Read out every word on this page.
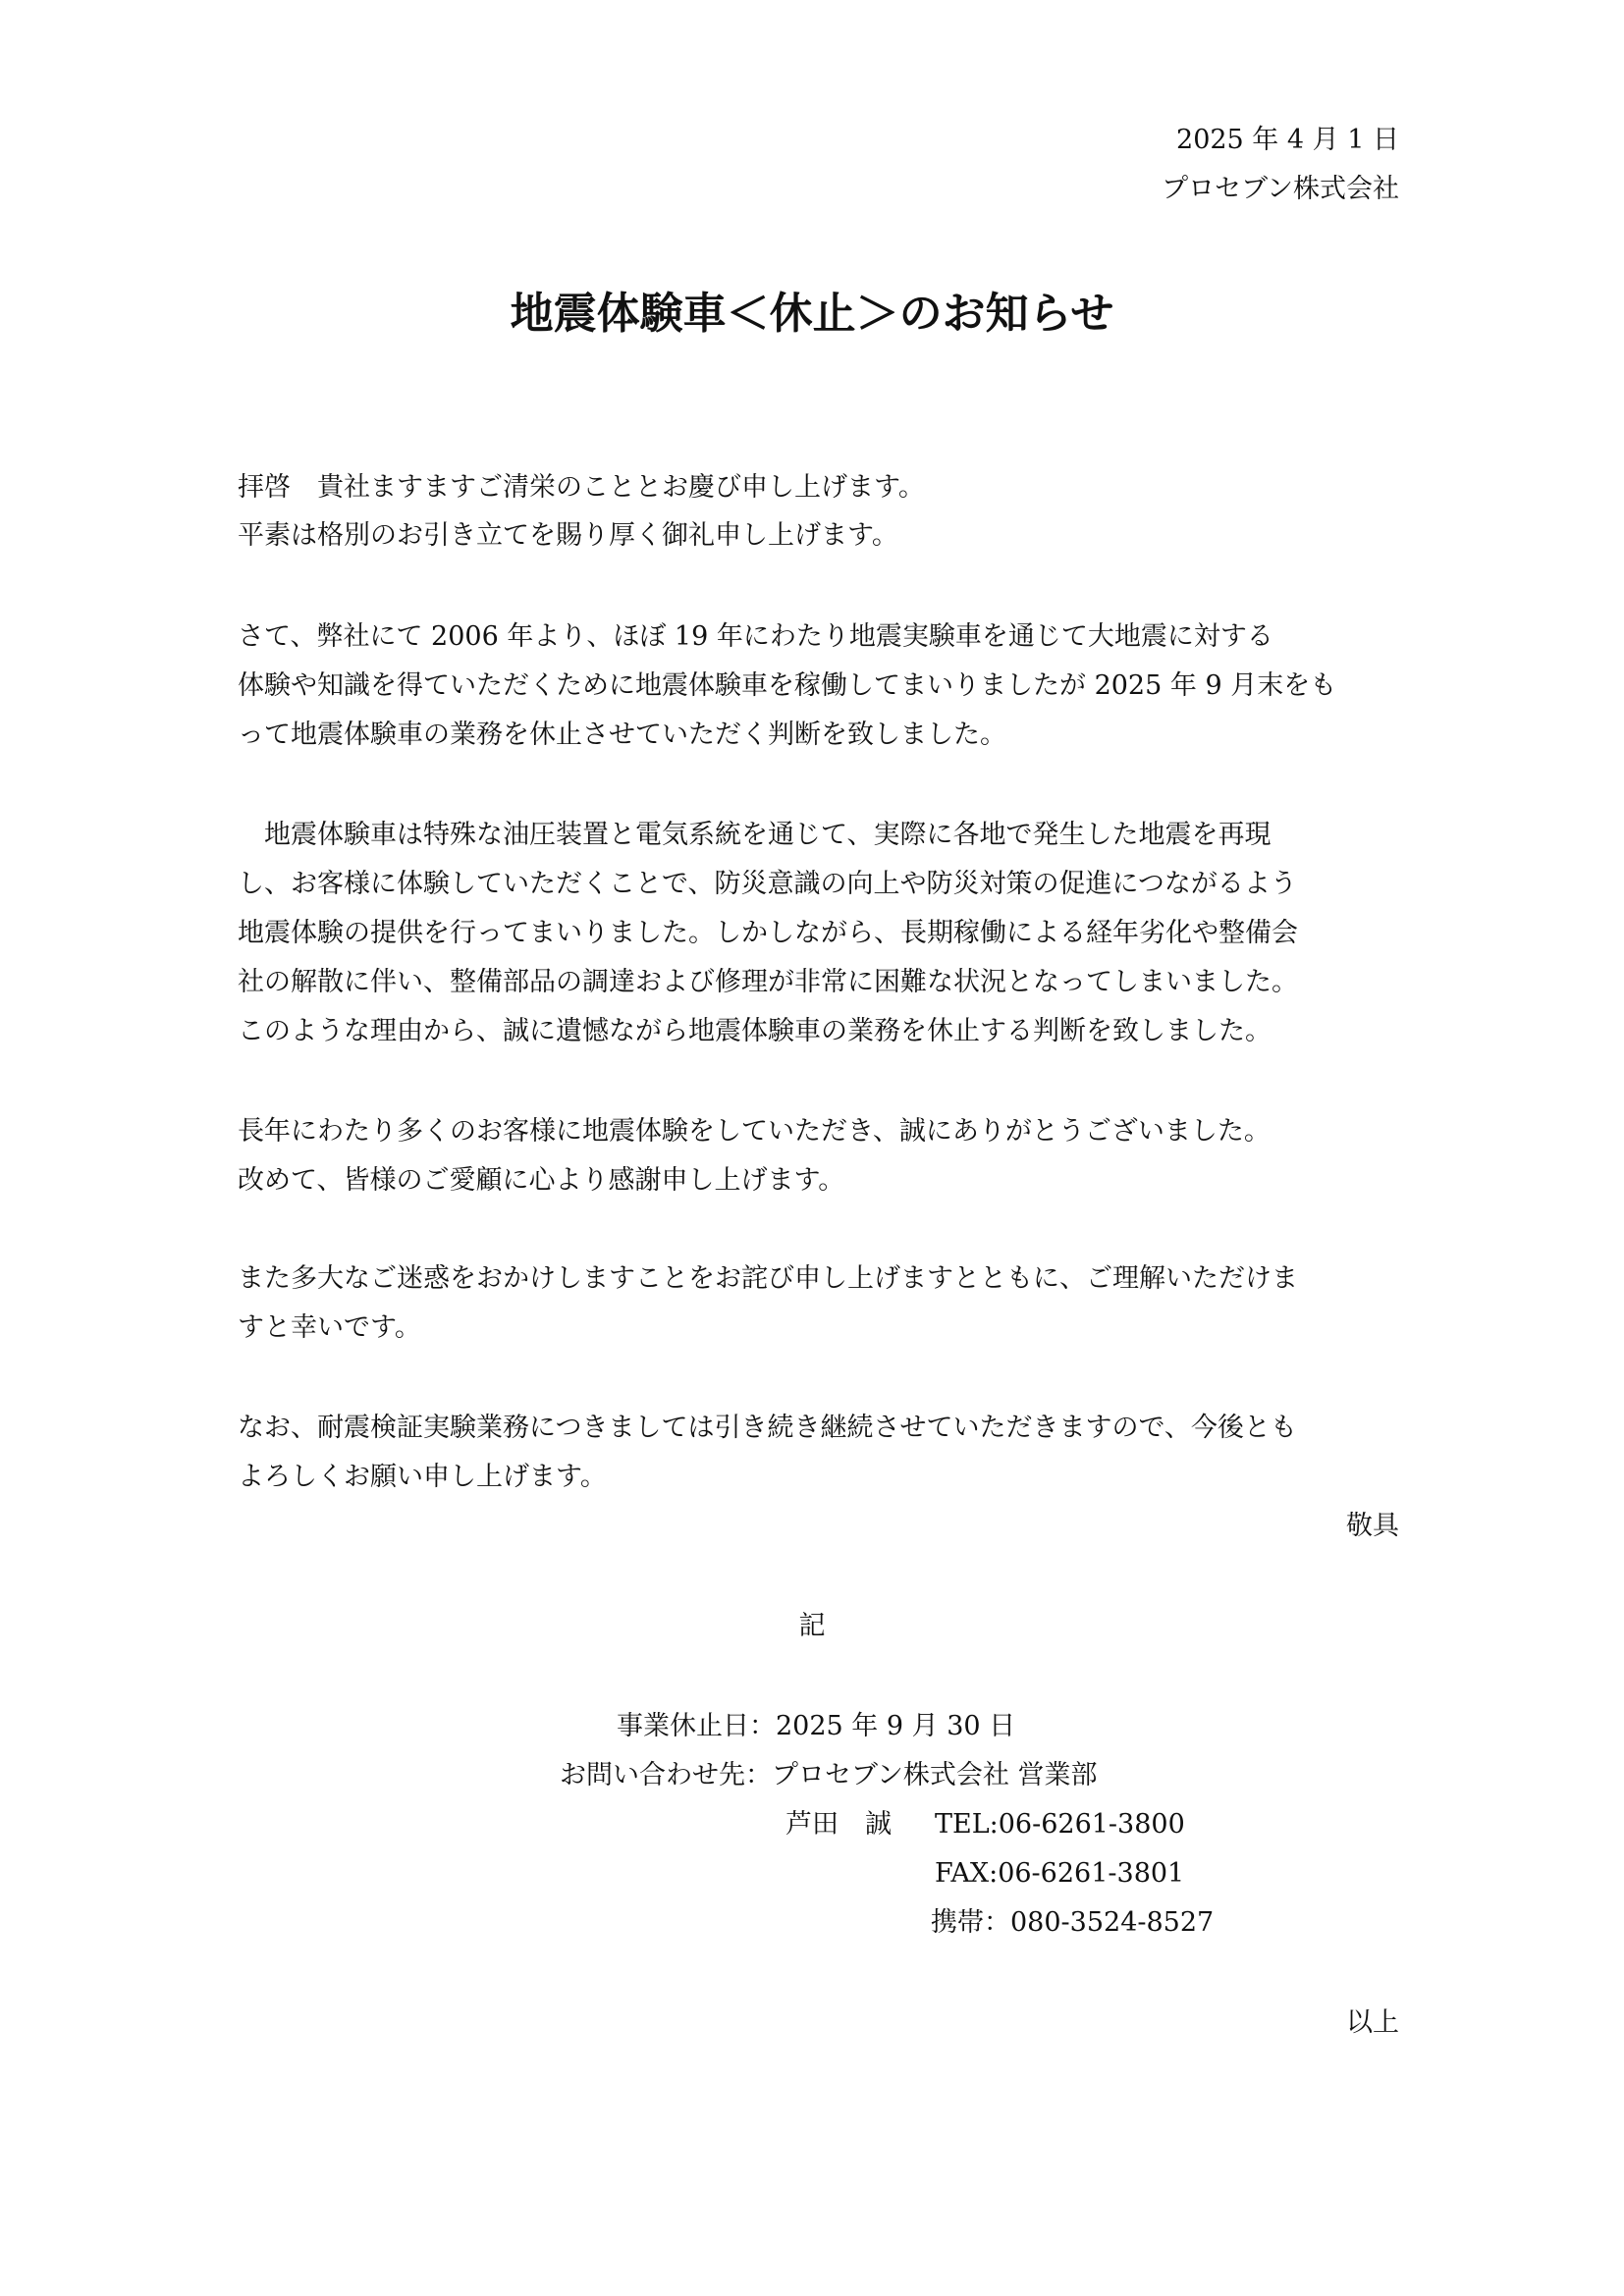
2025 年 4 月 1 日
プロセブン株式会社
地震体験車＜休止＞のお知らせ
拝啓　貴社ますますご清栄のこととお慶び申し上げます。
平素は格別のお引き立てを賜り厚く御礼申し上げます。
さて、弊社にて 2006 年より、ほぼ 19 年にわたり地震実験車を通じて大地震に対する
体験や知識を得ていただくために地震体験車を稼働してまいりましたが 2025 年 9 月末をも
って地震体験車の業務を休止させていただく判断を致しました。
　地震体験車は特殊な油圧装置と電気系統を通じて、実際に各地で発生した地震を再現
し、お客様に体験していただくことで、防災意識の向上や防災対策の促進につながるよう
地震体験の提供を行ってまいりました。しかしながら、長期稼働による経年劣化や整備会
社の解散に伴い、整備部品の調達および修理が非常に困難な状況となってしまいました。
このような理由から、誠に遺憾ながら地震体験車の業務を休止する判断を致しました。
長年にわたり多くのお客様に地震体験をしていただき、誠にありがとうございました。
改めて、皆様のご愛顧に心より感謝申し上げます。
また多大なご迷惑をおかけしますことをお詫び申し上げますとともに、ご理解いただけま
すと幸いです。
なお、耐震検証実験業務につきましては引き続き継続させていただきますので、今後とも
よろしくお願い申し上げます。
敬具
記
事業休止日：2025 年 9 月 30 日
お問い合わせ先：プロセブン株式会社 営業部
芦田　誠 TEL:06-6261-3800
FAX:06-6261-3801
携帯：080-3524-8527
以上
